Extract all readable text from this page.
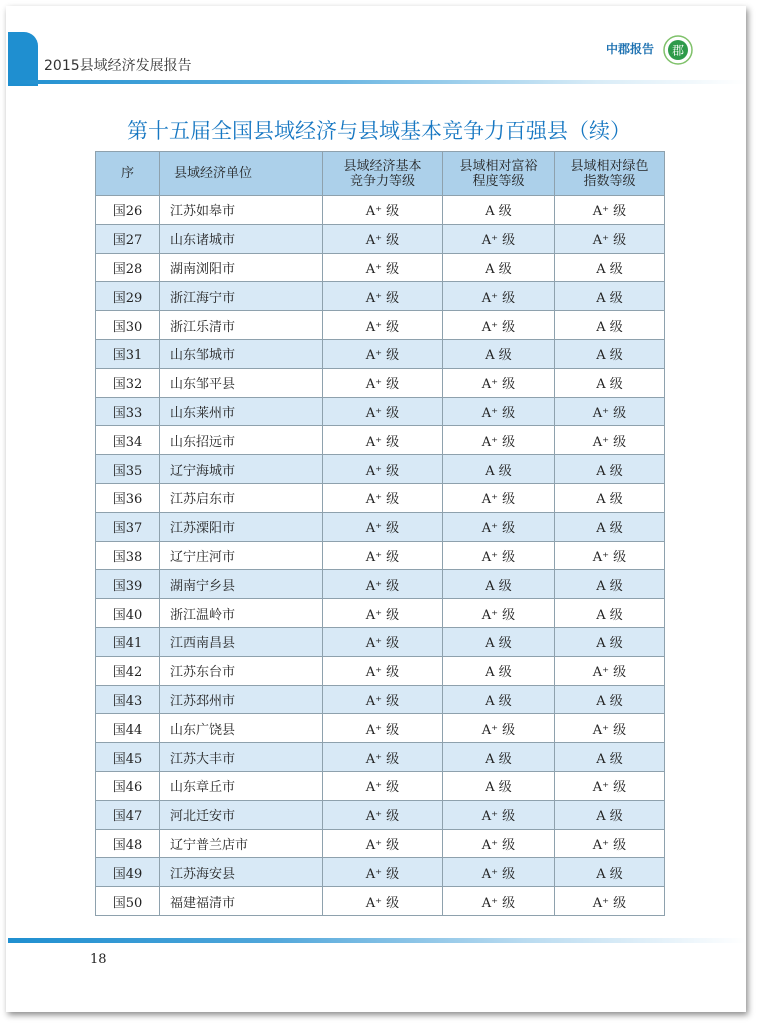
2015县域经济发展报告
中郡报告 郡
第十五届全国县域经济与县域基本竞争力百强县（续）
序	县域经济单位	县域经济基本竞争力等级	县域相对富裕程度等级	县域相对绿色指数等级

国26	江苏如皋市	A⁺ 级	A 级	A⁺ 级
国27	山东诸城市	A⁺ 级	A⁺ 级	A⁺ 级
国28	湖南浏阳市	A⁺ 级	A 级	A 级
国29	浙江海宁市	A⁺ 级	A⁺ 级	A 级
国30	浙江乐清市	A⁺ 级	A⁺ 级	A 级
国31	山东邹城市	A⁺ 级	A 级	A 级
国32	山东邹平县	A⁺ 级	A⁺ 级	A 级
国33	山东莱州市	A⁺ 级	A⁺ 级	A⁺ 级
国34	山东招远市	A⁺ 级	A⁺ 级	A⁺ 级
国35	辽宁海城市	A⁺ 级	A 级	A 级
国36	江苏启东市	A⁺ 级	A⁺ 级	A 级
国37	江苏溧阳市	A⁺ 级	A⁺ 级	A 级
国38	辽宁庄河市	A⁺ 级	A⁺ 级	A⁺ 级
国39	湖南宁乡县	A⁺ 级	A 级	A 级
国40	浙江温岭市	A⁺ 级	A⁺ 级	A 级
国41	江西南昌县	A⁺ 级	A 级	A 级
国42	江苏东台市	A⁺ 级	A 级	A⁺ 级
国43	江苏邳州市	A⁺ 级	A 级	A 级
国44	山东广饶县	A⁺ 级	A⁺ 级	A⁺ 级
国45	江苏大丰市	A⁺ 级	A 级	A 级
国46	山东章丘市	A⁺ 级	A 级	A⁺ 级
国47	河北迁安市	A⁺ 级	A⁺ 级	A 级
国48	辽宁普兰店市	A⁺ 级	A⁺ 级	A⁺ 级
国49	江苏海安县	A⁺ 级	A⁺ 级	A 级
国50	福建福清市	A⁺ 级	A⁺ 级	A⁺ 级
18
